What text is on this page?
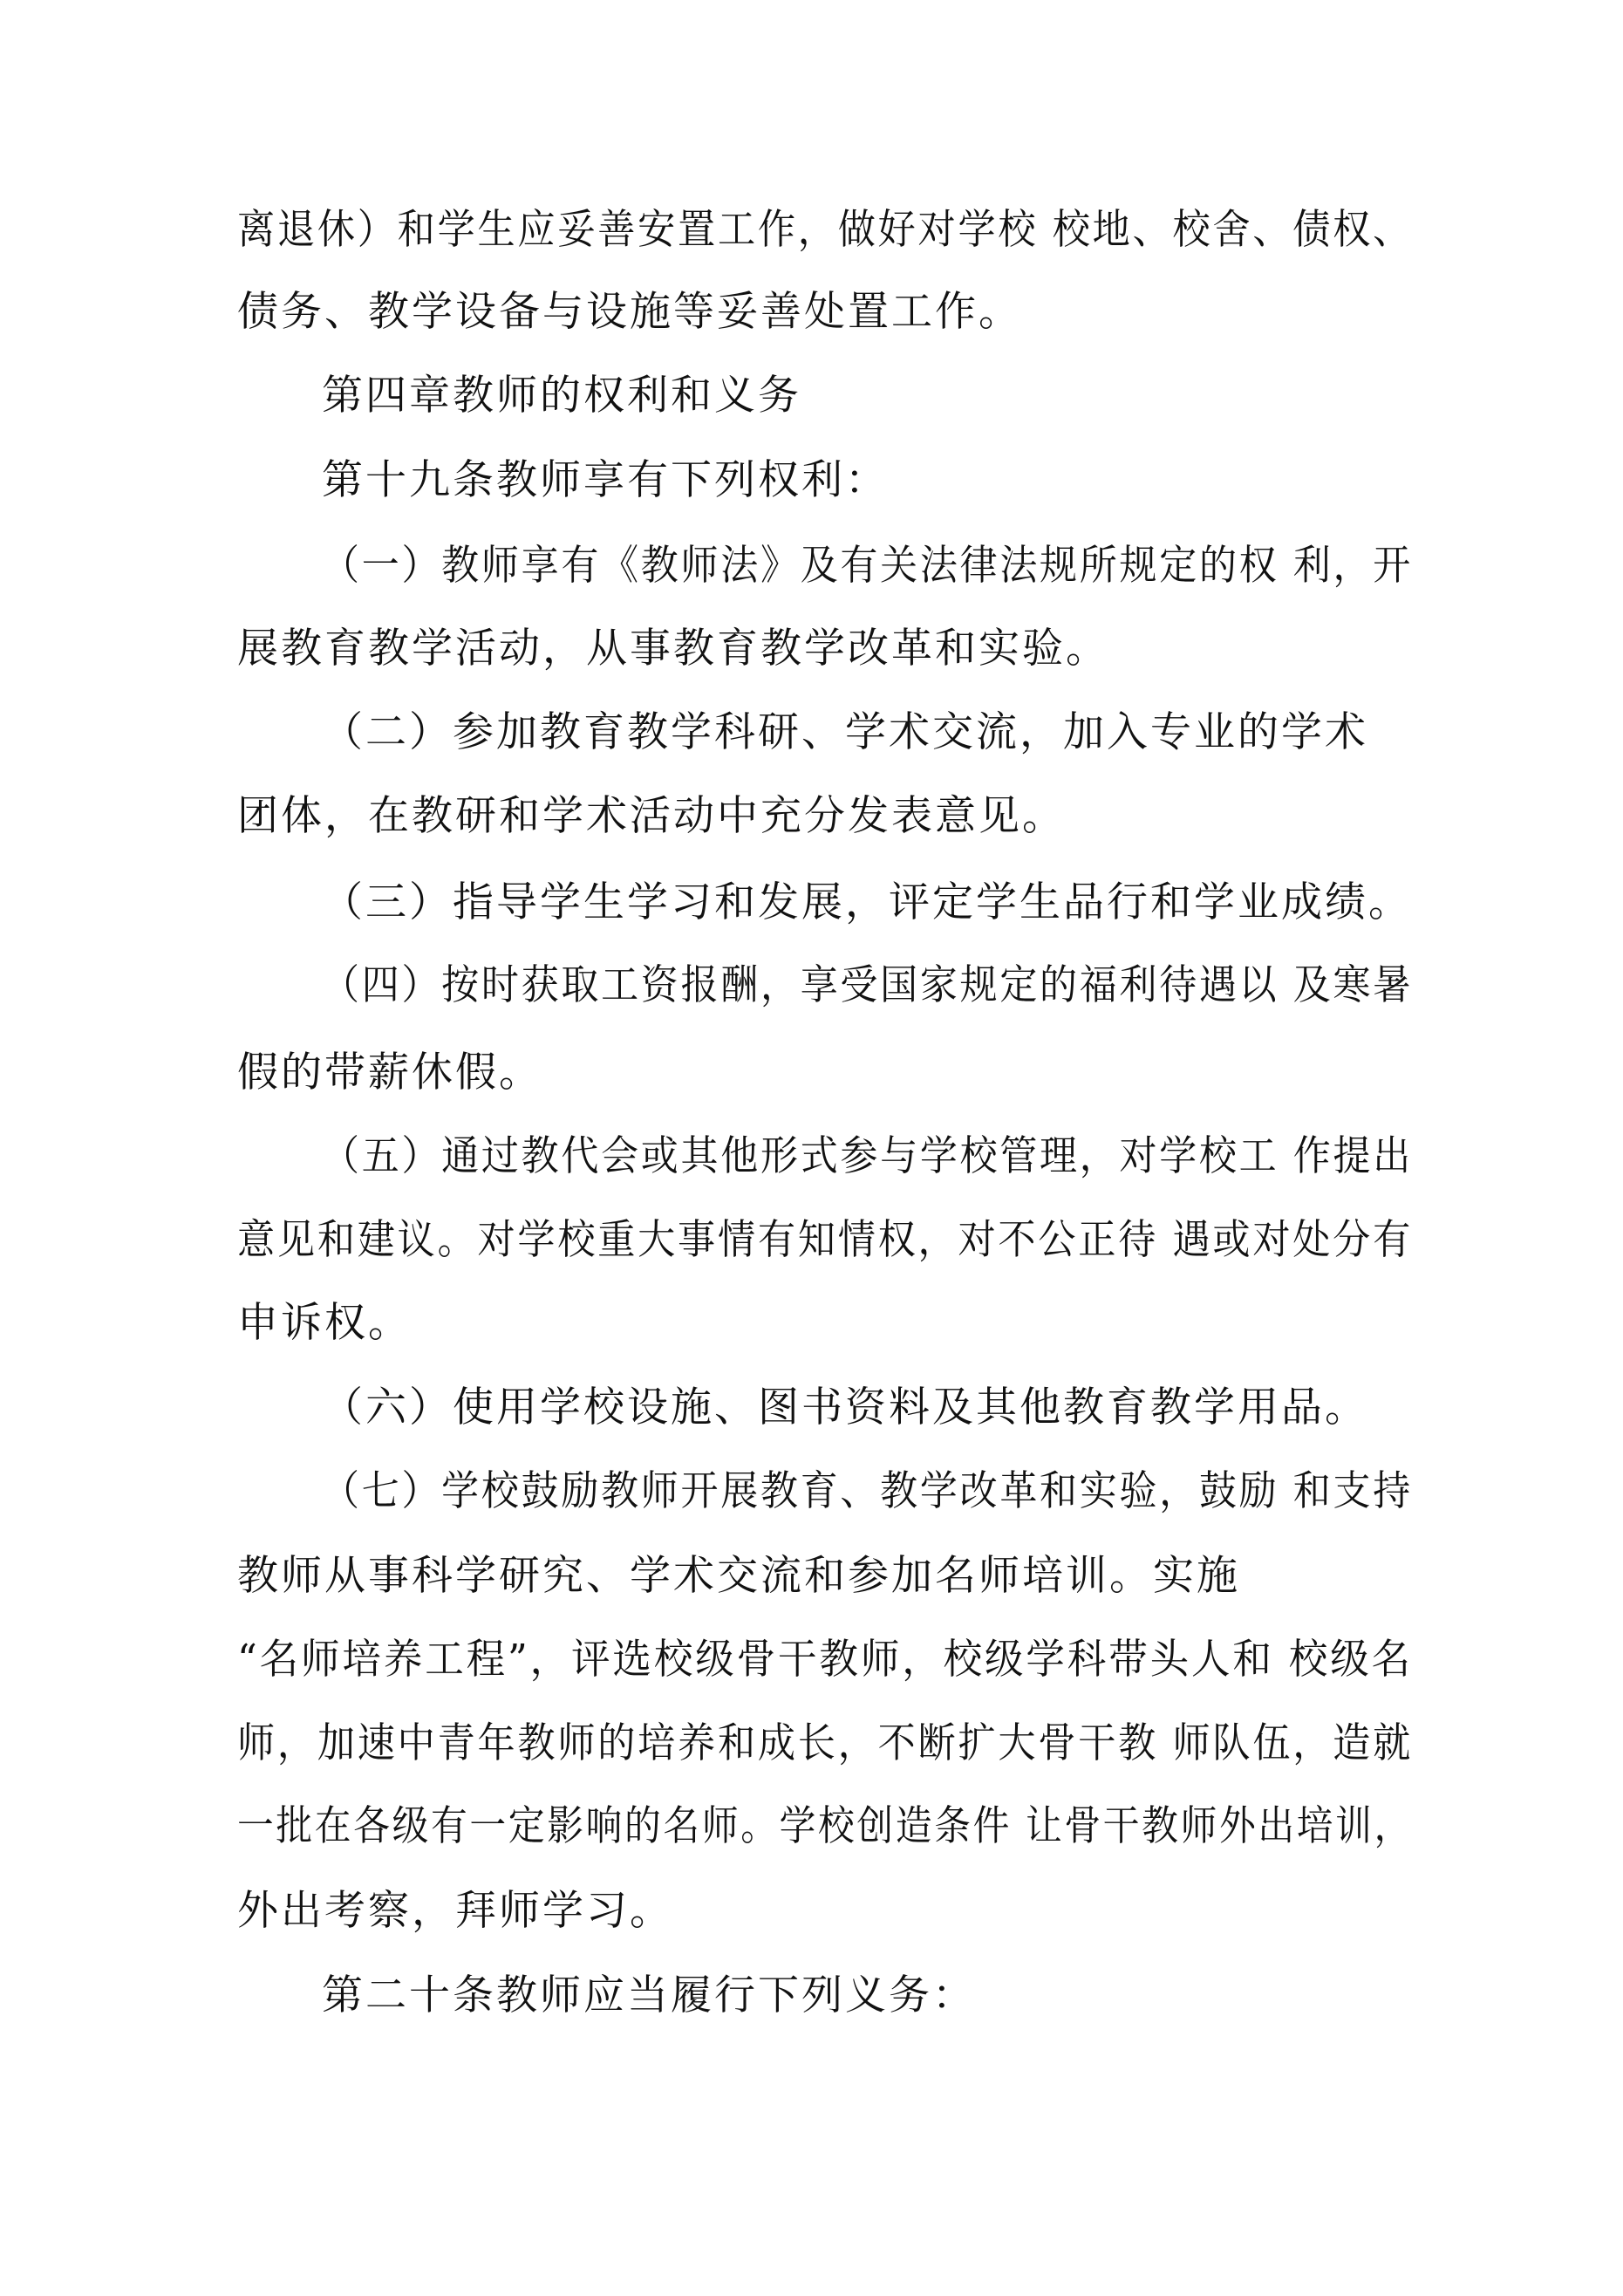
离退休）和学生应妥善安置工作，做好对学校 校地、校舍、债权、
债务、教学设备与设施等妥善处置工作。
第四章教师的权利和义务
第十九条教师享有下列权利：
（一）教师享有《教师法》及有关法律法规所规定的权 利，开
展教育教学活动，从事教育教学改革和实验。
（二）参加教育教学科研、学术交流，加入专业的学术
团体，在教研和学术活动中充分发表意见。
（三）指导学生学习和发展，评定学生品行和学业成绩。
（四）按时获取工资报酬，享受国家规定的福利待遇以 及寒暑
假的带薪休假。
（五）通过教代会或其他形式参与学校管理，对学校工 作提出
意见和建议。对学校重大事情有知情权，对不公正待 遇或对处分有
申诉权。
（六）使用学校设施、图书资料及其他教育教学用品。
（七）学校鼓励教师开展教育、教学改革和实验，鼓励 和支持
教师从事科学研究、学术交流和参加名师培训。实施
“名师培养工程”，评选校级骨干教师，校级学科带头人和 校级名
师，加速中青年教师的培养和成长，不断扩大骨干教 师队伍，造就
一批在各级有一定影响的名师。学校创造条件 让骨干教师外出培训，
外出考察，拜师学习。
第二十条教师应当履行下列义务：
